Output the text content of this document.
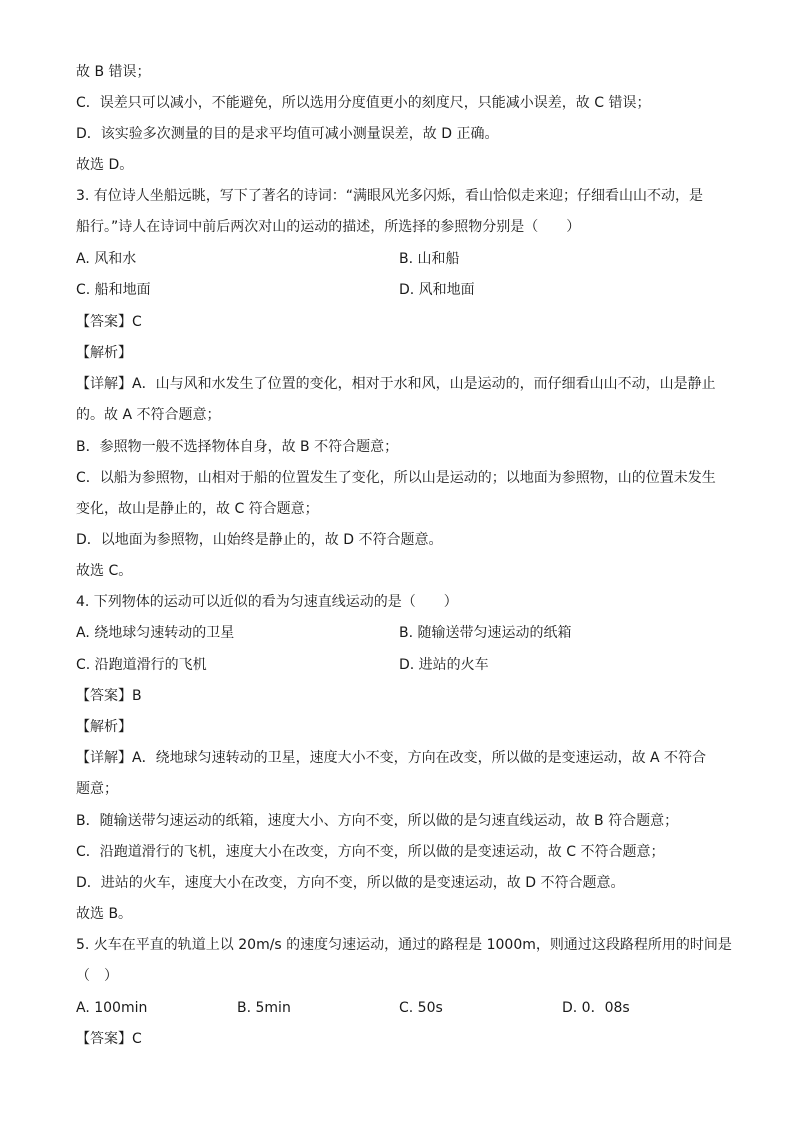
故 B 错误；
C．误差只可以减小，不能避免，所以选用分度值更小的刻度尺，只能减小误差，故 C 错误；
D．该实验多次测量的目的是求平均值可减小测量误差，故 D 正确。
故选 D。
3. 有位诗人坐船远眺，写下了著名的诗词：“满眼风光多闪烁，看山恰似走来迎；仔细看山山不动，是
船行。”诗人在诗词中前后两次对山的运动的描述，所选择的参照物分别是（　　）
A. 风和水	B. 山和船
C. 船和地面	D. 风和地面
【答案】C
【解析】
【详解】A．山与风和水发生了位置的变化，相对于水和风，山是运动的，而仔细看山山不动，山是静止
的。故 A 不符合题意；
B．参照物一般不选择物体自身，故 B 不符合题意；
C．以船为参照物，山相对于船的位置发生了变化，所以山是运动的；以地面为参照物，山的位置未发生
变化，故山是静止的，故 C 符合题意；
D．以地面为参照物，山始终是静止的，故 D 不符合题意。
故选 C。
4. 下列物体的运动可以近似的看为匀速直线运动的是（　　）
A. 绕地球匀速转动的卫星	B. 随输送带匀速运动的纸箱
C. 沿跑道滑行的飞机	D. 进站的火车
【答案】B
【解析】
【详解】A．绕地球匀速转动的卫星，速度大小不变，方向在改变，所以做的是变速运动，故 A 不符合
题意；
B．随输送带匀速运动的纸箱，速度大小、方向不变，所以做的是匀速直线运动，故 B 符合题意；
C．沿跑道滑行的飞机，速度大小在改变，方向不变，所以做的是变速运动，故 C 不符合题意；
D．进站的火车，速度大小在改变，方向不变，所以做的是变速运动，故 D 不符合题意。
故选 B。
5. 火车在平直的轨道上以 20m/s 的速度匀速运动，通过的路程是 1000m，则通过这段路程所用的时间是
（　）
A. 100min	B. 5min	C. 50s	D. 0．08s
【答案】C
